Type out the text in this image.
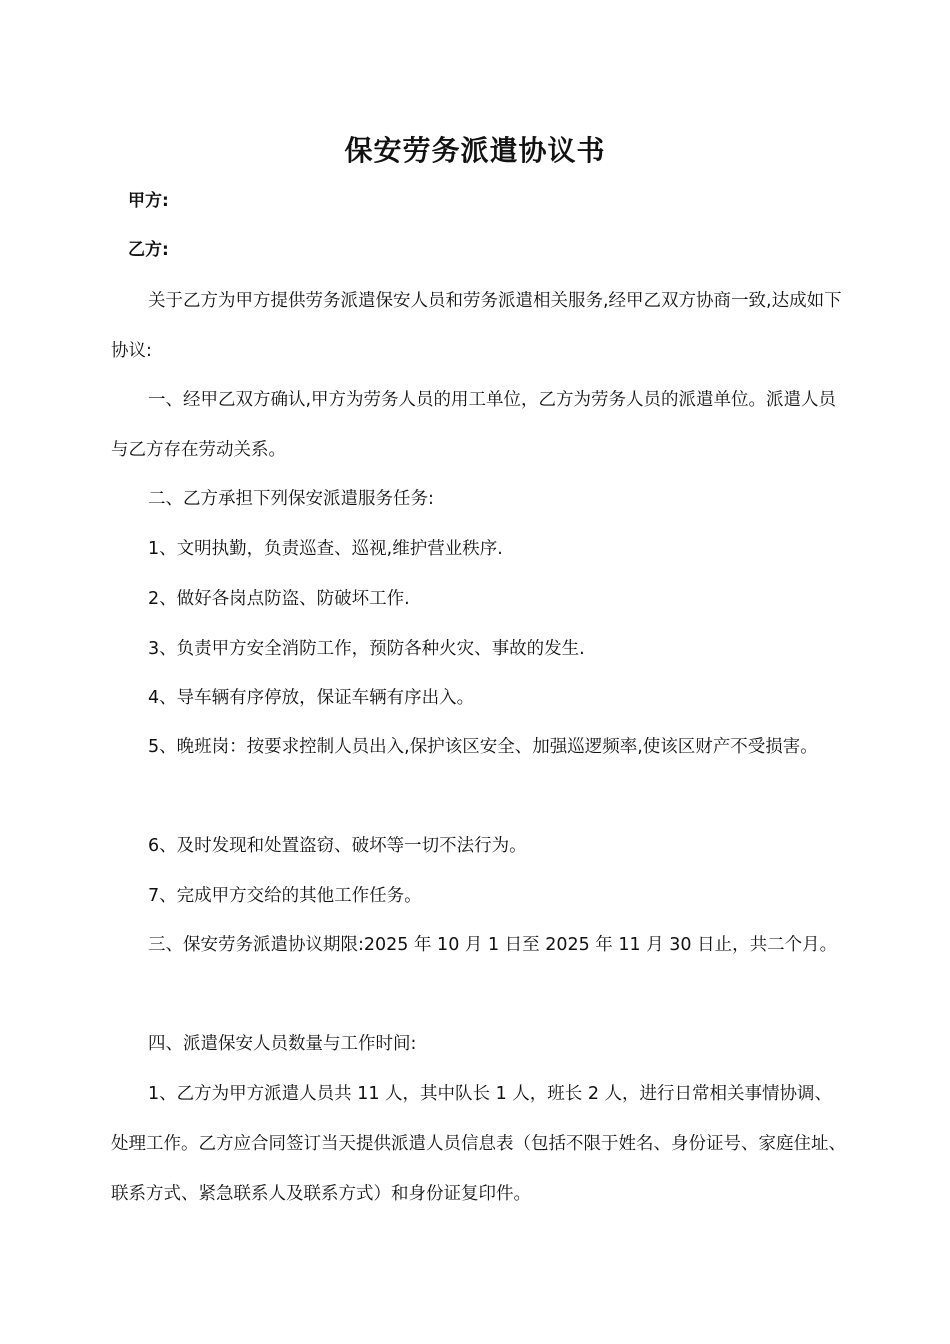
保安劳务派遣协议书
甲方:
乙方:

关于乙方为甲方提供劳务派遣保安人员和劳务派遣相关服务,经甲乙双方协商一致,达成如下协议:

一、经甲乙双方确认,甲方为劳务人员的用工单位，乙方为劳务人员的派遣单位。派遣人员与乙方存在劳动关系。

二、乙方承担下列保安派遣服务任务:

1、文明执勤，负责巡查、巡视,维护营业秩序.

2、做好各岗点防盗、防破坏工作.

3、负责甲方安全消防工作，预防各种火灾、事故的发生.

4、导车辆有序停放，保证车辆有序出入。

5、晚班岗：按要求控制人员出入,保护该区安全、加强巡逻频率,使该区财产不受损害。

6、及时发现和处置盗窃、破坏等一切不法行为。

7、完成甲方交给的其他工作任务。

三、保安劳务派遣协议期限:2025 年 10 月 1 日至 2025 年 11 月 30 日止，共二个月。

四、派遣保安人员数量与工作时间:

1、乙方为甲方派遣人员共 11 人，其中队长 1 人，班长 2 人，进行日常相关事情协调、处理工作。乙方应合同签订当天提供派遣人员信息表（包括不限于姓名、身份证号、家庭住址、联系方式、紧急联系人及联系方式）和身份证复印件。
